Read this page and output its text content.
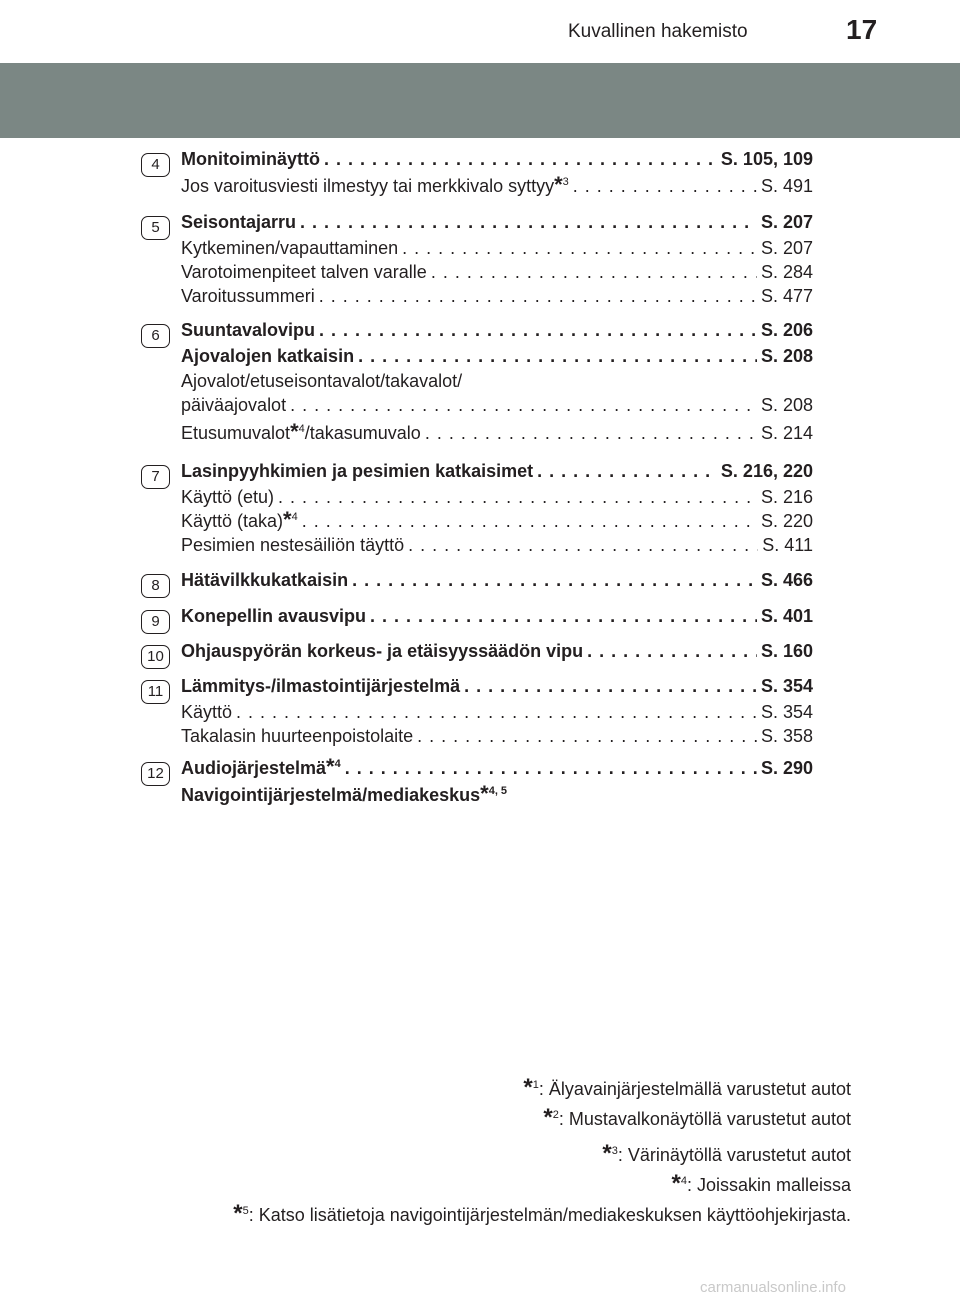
Kuvallinen hakemisto	17
4	Monitoiminäyttö . . .	S. 105, 109
Jos varoitusviesti ilmestyy tai merkkivalo syttyy*$^3$ . . .	S. 491
5	Seisontajarru . . .	S. 207
Kytkeminen/vapauttaminen . . .	S. 207
Varotoimenpiteet talven varalle . . .	S. 284
Varoitussummeri . . .	S. 477
6	Suuntavalovipu . . .	S. 206
Ajovalojen katkaisin . . .	S. 208
Ajovalot/etuseisontavalot/takavalot/
päiväajovalot . . .	S. 208
Etusumuvalot*$^4$/takasumuvalo . . .	S. 214
7	Lasinpyyhkimien ja pesimien katkaisimet . . .	S. 216, 220
Käyttö (etu) . . .	S. 216
Käyttö (taka)*$^4$ . . .	S. 220
Pesimien nestesäiliön täyttö . . .	S. 411
8	Hätävilkkukatkaisin . . .	S. 466
9	Konepellin avausvipu . . .	S. 401
10 Ohjauspyörän korkeus- ja etäisyyssäädön vipu . . .	S. 160
11 Lämmitys-/ilmastointijärjestelmä . . .	S. 354
Käyttö . . .	S. 354
Takalasin huurteenpoistolaite . . .	S. 358
12 Audiojärjestelmä*$^4$ . . .	S. 290
Navigointijärjestelmä/mediakeskus*$^{4, 5}$
*$^1$: Älyavainjärjestelmällä varustetut autot
*$^2$: Mustavalkonäytöllä varustetut autot
*$^3$: Värinäytöllä varustetut autot
*$^4$: Joissakin malleissa
*$^5$: Katso lisätietoja navigointijärjestelmän/mediakeskuksen käyttöohjekirjasta.
carmanualsonline.info
